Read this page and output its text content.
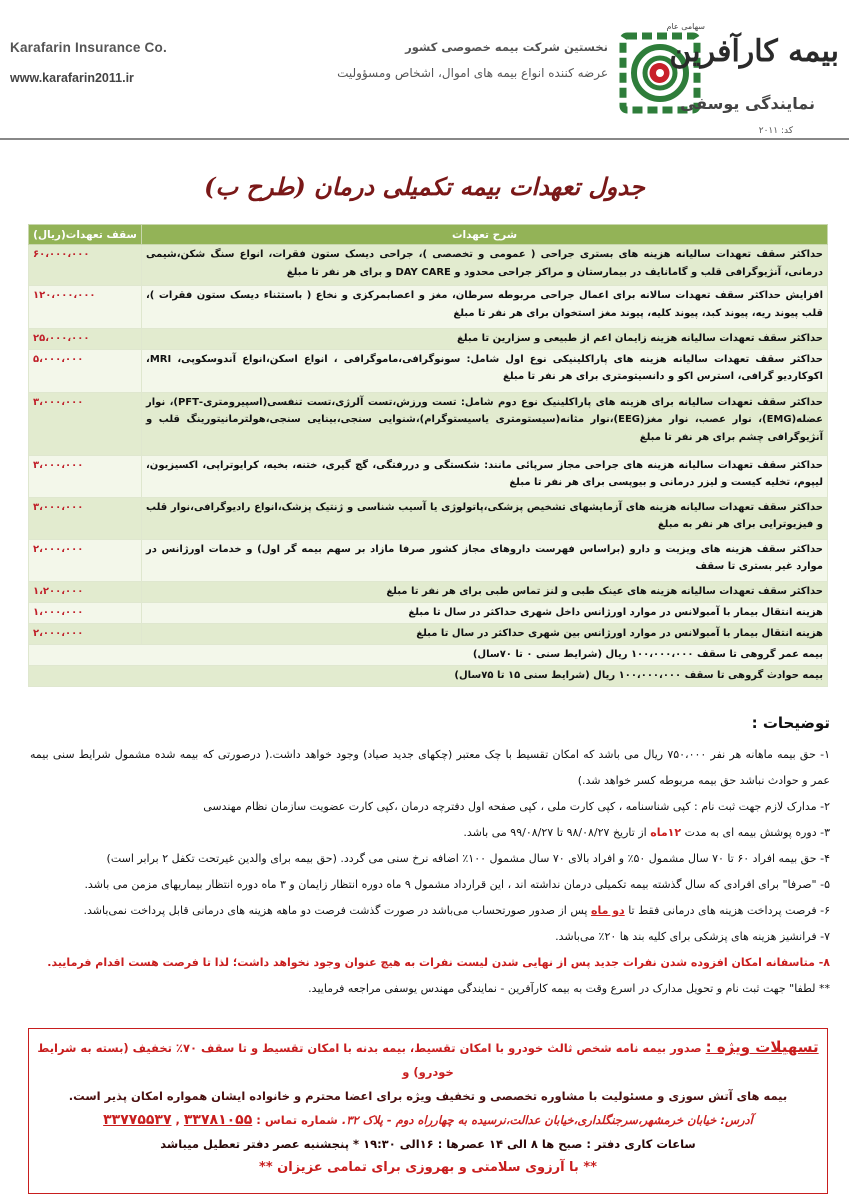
Karafarin Insurance Co.
www.karafarin2011.ir
نخستین شرکت بیمه خصوصی کشور
عرضه کننده انواع بیمه های اموال، اشخاص ومسؤولیت
سهامی عام
بیمه کارآفرین
نمایندگی یوسفی
کد: ۲۰۱۱
جدول تعهدات بیمه تکمیلی درمان (طرح ب)
شرح تعهدات	سقف تعهدات(ریال)
حداکثر سقف تعهدات سالیانه هزینه های بستری جراحی ( عمومی و تخصصی )، جراحی دیسک ستون فقرات، انواع سنگ شکن،شیمی درمانی، آنژیوگرافی قلب و گامانایف در بیمارستان و مراکز جراحی محدود و DAY CARE و برای هر نفر تا مبلغ	۶۰،۰۰۰،۰۰۰
افزایش حداکثر سقف تعهدات سالانه برای اعمال جراحی مربوطه سرطان، مغز و اعصابمرکزی و نخاع ( باستثناء دیسک ستون فقرات )، قلب پیوند ریه، پیوند کبد، پیوند کلیه، پیوند مغز استخوان برای هر نفر تا مبلغ	۱۲۰،۰۰۰،۰۰۰
حداکثر سقف تعهدات سالیانه هزینه زایمان اعم از طبیعی و سزارین تا مبلغ	۲۵،۰۰۰،۰۰۰
حداکثر سقف تعهدات سالیانه هزینه های پاراکلینیکی نوع اول شامل: سونوگرافی،ماموگرافی ، انواع اسکن،انواع آندوسکوپی، MRI، اکوکاردیو گرافی، استرس اکو و دانسیتومتری برای هر نفر تا مبلغ	۵،۰۰۰،۰۰۰
حداکثر سقف تعهدات سالیانه برای هزینه های پاراکلینیک نوع دوم شامل: تست ورزش،تست آلرژی،تست تنفسی(اسپیرومتری-PFT)، نوار عضله(EMG)، نوار عصب، نوار مغز(EEG)،نوار مثانه(سیستومتری یاسیستوگرام)،شنوایی سنجی،بینایی سنجی،هولترمانیتورینگ قلب و آنژیوگرافی چشم برای هر نفر تا مبلغ	۳،۰۰۰،۰۰۰
حداکثر سقف تعهدات سالیانه هزینه های جراحی مجاز سرپائی مانند: شکستگی و دررفتگی، گچ گیری، ختنه، بخیه، کرایوتراپی، اکسیزیون، لیپوم، تخلیه کیست و لیزر درمانی و بیوپسی برای هر نفر تا مبلغ	۳،۰۰۰،۰۰۰
حداکثر سقف تعهدات سالیانه هزینه های آزمایشهای تشخیص پزشکی،پاتولوژی یا آسیب شناسی و ژنتیک پزشک،انواع رادیوگرافی،نوار قلب و فیزیوترایی برای هر نفر به مبلغ	۳،۰۰۰،۰۰۰
حداکثر سقف هزینه های ویزیت و دارو (براساس فهرست داروهای مجاز کشور صرفا مازاد بر سهم بیمه گر اول) و خدمات اورژانس در موارد غیر بستری تا سقف	۲،۰۰۰،۰۰۰
حداکثر سقف تعهدات سالیانه هزینه های عینک طبی و لنز تماس طبی برای هر نفر تا مبلغ	۱،۲۰۰،۰۰۰
هزینه انتقال بیمار با آمبولانس در موارد اورژانس داخل شهری حداکثر در سال تا مبلغ	۱،۰۰۰،۰۰۰
هزینه انتقال بیمار با آمبولانس در موارد اورژانس بین شهری حداکثر در سال تا مبلغ	۲،۰۰۰،۰۰۰
بیمه عمر گروهی تا سقف ۱۰۰،۰۰۰،۰۰۰ ریال (شرایط سنی ۰ تا ۷۰سال)	
بیمه حوادث گروهی تا سقف ۱۰۰،۰۰۰،۰۰۰ ریال (شرایط سنی ۱۵ تا ۷۵سال)	
توضیحات :
۱- حق بیمه ماهانه هر نفر ۷۵۰،۰۰۰ ریال می باشد که امکان تقسیط با چک معتبر (چکهای جدید صیاد) وجود خواهد داشت.( درصورتی که بیمه شده مشمول شرایط سنی بیمه عمر و حوادث نباشد حق بیمه مربوطه کسر خواهد شد.)
۲- مدارک لازم جهت ثبت نام : کپی شناسنامه ، کپی کارت ملی ، کپی صفحه اول دفترچه درمان ،کپی کارت عضویت سازمان نظام مهندسی
۳- دوره پوشش بیمه ای به مدت ۱۲ماه از تاریخ ۹۸/۰۸/۲۷ تا ۹۹/۰۸/۲۷ می باشد.
۴- حق بیمه افراد ۶۰ تا ۷۰ سال مشمول ۵۰٪ و افراد بالای ۷۰ سال مشمول ۱۰۰٪ اضافه نرخ سنی می گردد. (حق بیمه برای والدین غیرتحت تکفل ۲ برابر است)
۵- "صرفا" برای افرادی که سال گذشته بیمه تکمیلی درمان نداشته اند ، این قرارداد مشمول ۹ ماه دوره انتظار زایمان و ۳ ماه دوره انتظار بیماریهای مزمن می باشد.
۶- فرصت پرداخت هزینه های درمانی فقط تا دو ماه پس از صدور صورتحساب می‌باشد در صورت گذشت فرصت دو ماهه هزینه های درمانی قابل پرداخت نمی‌باشد.
۷- فرانشیز هزینه های پزشکی برای کلیه بند ها ۲۰٪ می‌باشد.
۸- متاسفانه امکان افزوده شدن نفرات جدید پس از نهایی شدن لیست نفرات به هیچ عنوان وجود نخواهد داشت؛ لذا تا فرصت هست اقدام فرمایید.
** لطفا" جهت ثبت نام و تحویل مدارک در اسرع وقت به بیمه کارآفرین - نمایندگی مهندس یوسفی مراجعه فرمایید.

تسهیلات ویژه : صدور بیمه نامه شخص ثالث خودرو با امکان تقسیط، بیمه بدنه با امکان تقسیط و تا سقف ۷۰٪ تخفیف (بسته به شرایط خودرو) و

بیمه های آتش سوزی و مسئولیت با مشاوره تخصصی و تخفیف ویژه برای اعضا محترم و خانواده ایشان همواره امکان پذیر است.

آدرس: خیابان خرمشهر،سرجنگلداری،خیابان عدالت،نرسیده به چهارراه دوم - پلاک ۳۲. شماره تماس : ۳۳۷۸۱۰۵۵ , ۳۳۷۷۵۵۳۷

ساعات کاری دفتر : صبح ها ۸ الی ۱۴ عصرها : ۱۶الی ۱۹:۳۰ * پنجشنبه عصر دفتر تعطیل میباشد

** با آرزوی سلامتی و بهروزی برای تمامی عزیزان **
